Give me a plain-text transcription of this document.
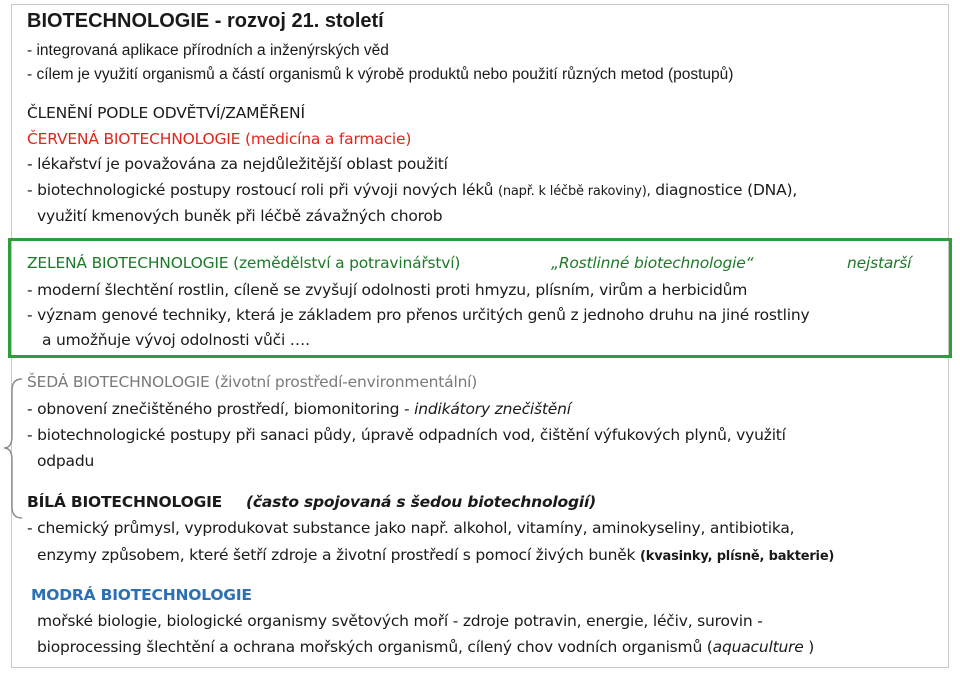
BIOTECHNOLOGIE - rozvoj 21. století
- integrovaná aplikace přírodních a inženýrských věd
- cílem je využití organismů a částí organismů k výrobě produktů nebo použití různých metod (postupů)
ČLENĚNÍ PODLE ODVĚTVÍ/ZAMĚŘENÍ
ČERVENÁ BIOTECHNOLOGIE (medicína a farmacie)
- lékařství je považována za nejdůležitější oblast použití
- biotechnologické postupy rostoucí roli při vývoji nových léků (např. k léčbě rakoviny), diagnostice (DNA),
využití kmenových buněk při léčbě závažných chorob
ZELENÁ BIOTECHNOLOGIE (zemědělství a potravinářství)	„Rostlinné biotechnologie“	nejstarší
- moderní šlechtění rostlin, cíleně se zvyšují odolnosti proti hmyzu, plísním, virům a herbicidům
- význam genové techniky, která je základem pro přenos určitých genů z jednoho druhu na jiné rostliny
a umožňuje vývoj odolnosti vůči ….
ŠEDÁ BIOTECHNOLOGIE (životní prostředí-environmentální)
- obnovení znečištěného prostředí, biomonitoring - indikátory znečištění
- biotechnologické postupy při sanaci půdy, úpravě odpadních vod, čištění výfukových plynů, využití
odpadu
BÍLÁ BIOTECHNOLOGIE (často spojovaná s šedou biotechnologií)
- chemický průmysl, vyprodukovat substance jako např. alkohol, vitamíny, aminokyseliny, antibiotika,
enzymy způsobem, které šetří zdroje a životní prostředí s pomocí živých buněk (kvasinky, plísně, bakterie)
MODRÁ BIOTECHNOLOGIE
mořské biologie, biologické organismy světových moří - zdroje potravin, energie, léčiv, surovin -
bioprocessing šlechtění a ochrana mořských organismů, cílený chov vodních organismů (aquaculture )
